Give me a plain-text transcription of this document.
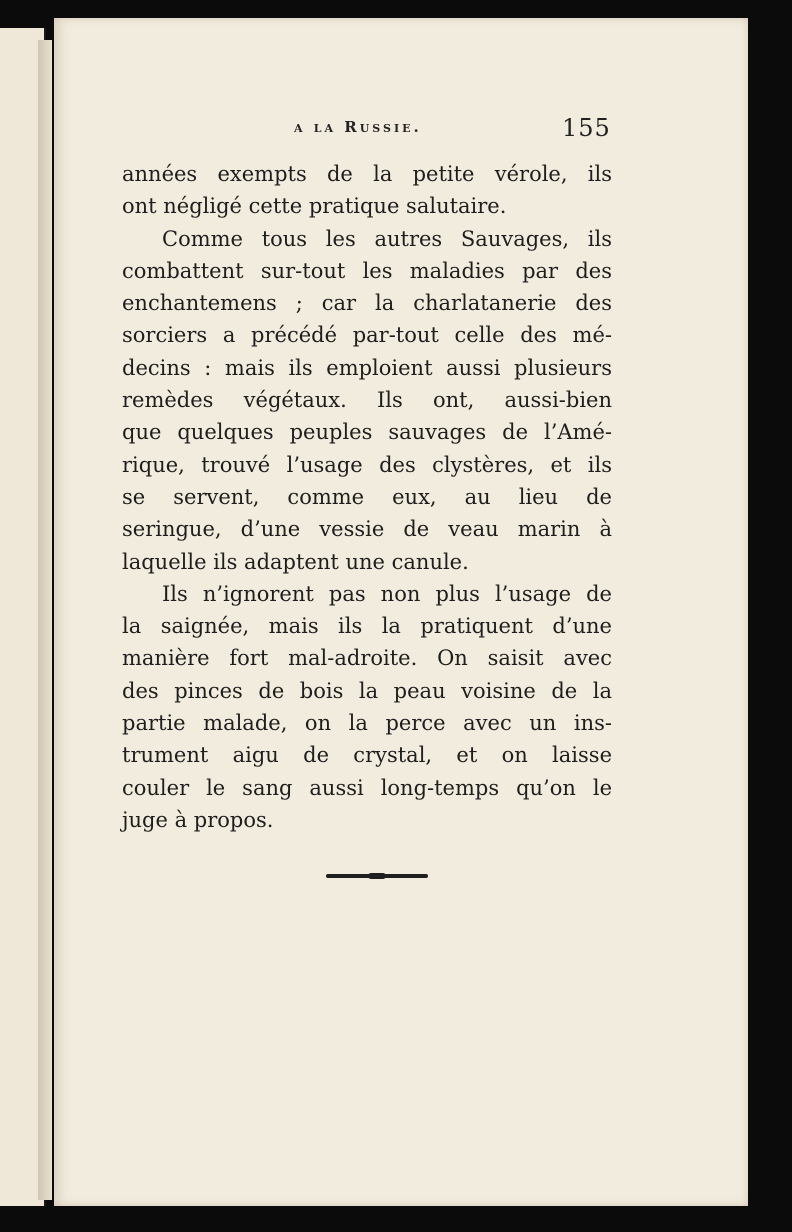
a la Russie.	155
années exempts de la petite vérole, ils
ont négligé cette pratique salutaire.
Comme tous les autres Sauvages, ils
combattent sur-tout les maladies par des
enchantemens ; car la charlatanerie des
sorciers a précédé par-tout celle des mé-
decins : mais ils emploient aussi plusieurs
remèdes végétaux. Ils ont, aussi-bien
que quelques peuples sauvages de l’Amé-
rique, trouvé l’usage des clystères, et ils
se servent, comme eux, au lieu de
seringue, d’une vessie de veau marin à
laquelle ils adaptent une canule.
Ils n’ignorent pas non plus l’usage de
la saignée, mais ils la pratiquent d’une
manière fort mal-adroite. On saisit avec
des pinces de bois la peau voisine de la
partie malade, on la perce avec un ins-
trument aigu de crystal, et on laisse
couler le sang aussi long-temps qu’on le
juge à propos.
